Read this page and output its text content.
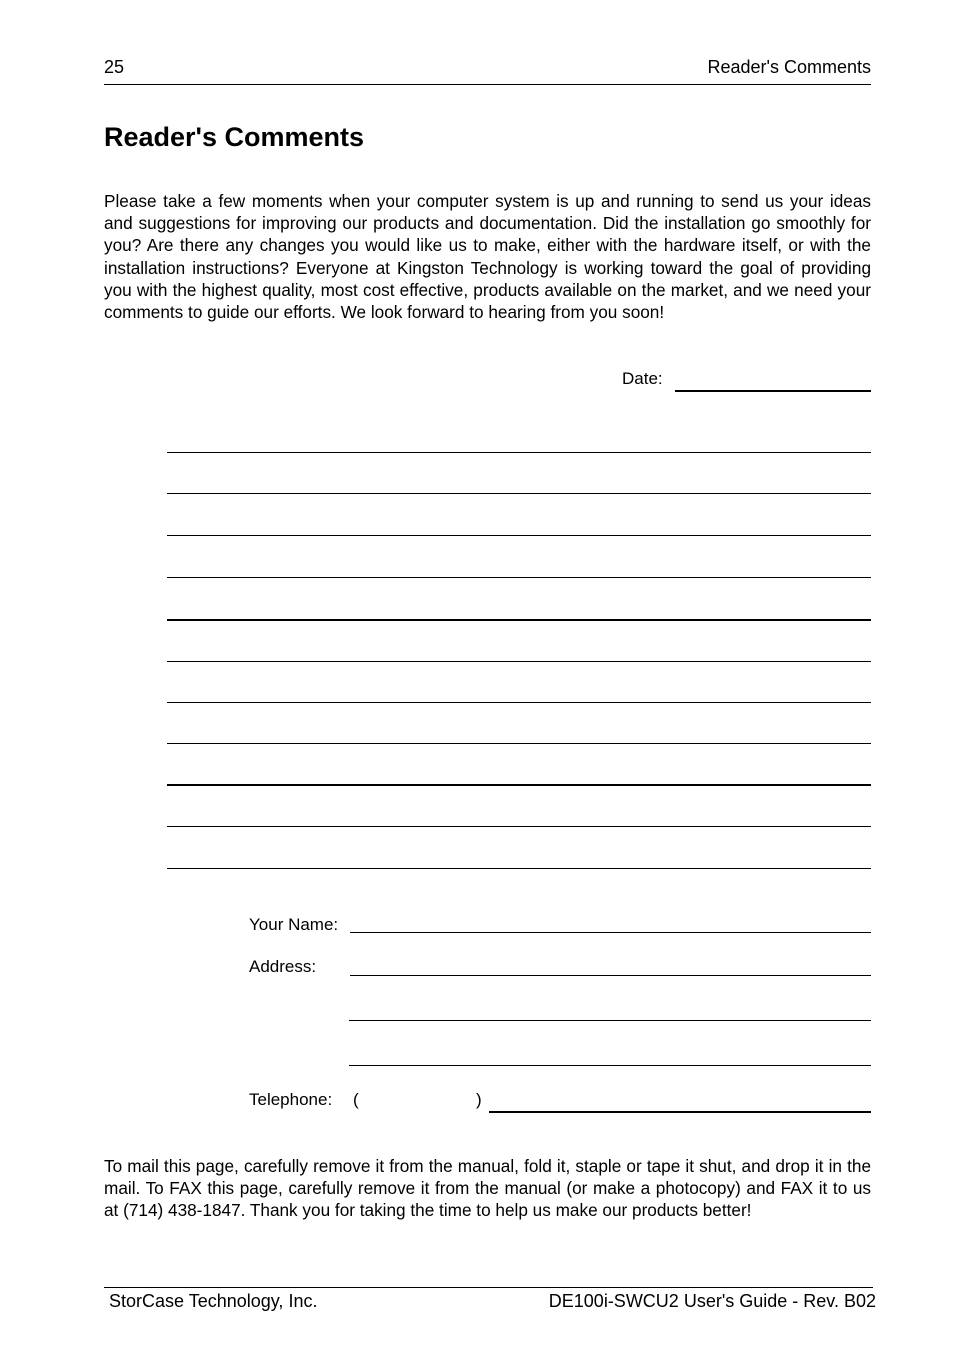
25	Reader's Comments
Reader's Comments

Please take a few moments when your computer system is up and running to send us your ideas and suggestions for improving our products and documentation. Did the installation go smoothly for you? Are there any changes you would like us to make, either with the hardware itself, or with the installation instructions? Everyone at Kingston Technology is working toward the goal of providing you with the highest quality, most cost effective, products available on the market, and we need your comments to guide our efforts. We look forward to hearing from you soon!

Date:
Your Name:
Address:
Telephone: (	)

To mail this page, carefully remove it from the manual, fold it, staple or tape it shut, and drop it in the mail. To FAX this page, carefully remove it from the manual (or make a photocopy) and FAX it to us at (714) 438-1847. Thank you for taking the time to help us make our products better!

StorCase Technology, Inc.	DE100i-SWCU2 User's Guide - Rev. B02
